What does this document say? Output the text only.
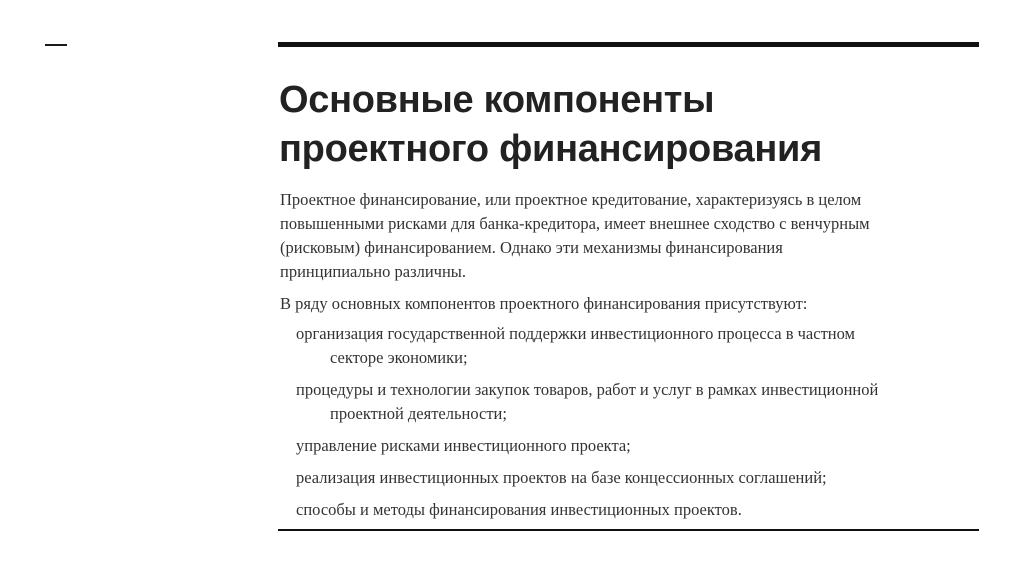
Основные компоненты
проектного финансирования

Проектное финансирование, или проектное кредитование, характеризуясь в целом
повышенными рисками для банка-кредитора, имеет внешнее сходство с венчурным
(рисковым) финансированием. Однако эти механизмы финансирования
принципиально различны.

В ряду основных компонентов проектного финансирования присутствуют:

организация государственной поддержки инвестиционного процесса в частном
секторе экономики;
процедуры и технологии закупок товаров, работ и услуг в рамках инвестиционной
проектной деятельности;
управление рисками инвестиционного проекта;
реализация инвестиционных проектов на базе концессионных соглашений;
способы и методы финансирования инвестиционных проектов.
